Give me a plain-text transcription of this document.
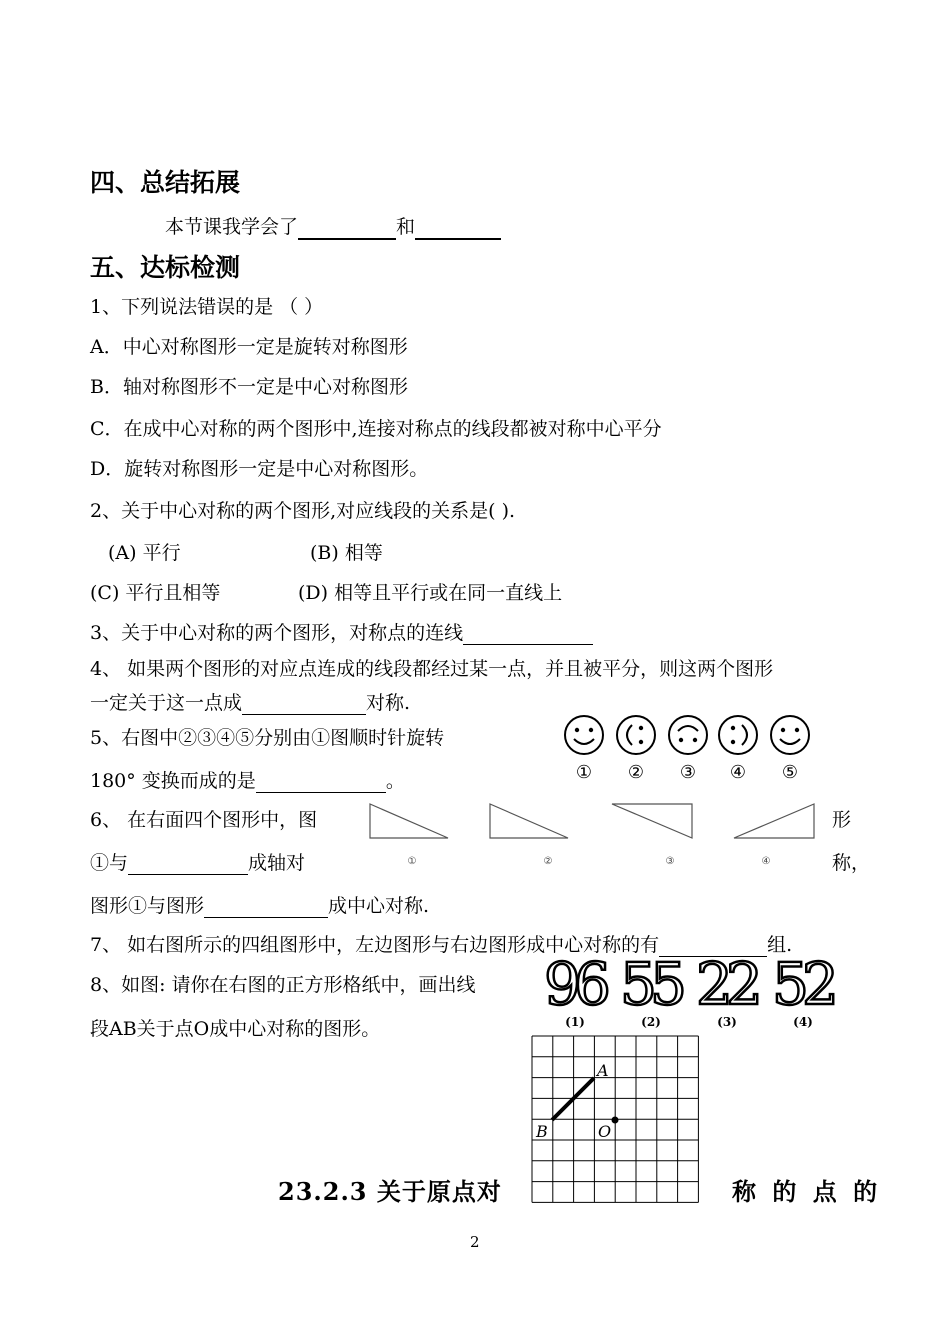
四、总结拓展
本节课我学会了	和
五、达标检测
1、下列说法错误的是 （ ）
A．中心对称图形一定是旋转对称图形
B．轴对称图形不一定是中心对称图形
C．在成中心对称的两个图形中,连接对称点的线段都被对称中心平分
D．旋转对称图形一定是中心对称图形。
2、关于中心对称的两个图形,对应线段的关系是( ).
(A) 平行	(B) 相等
(C) 平行且相等	(D) 相等且平行或在同一直线上
3、关于中心对称的两个图形，对称点的连线
4、 如果两个图形的对应点连成的线段都经过某一点，并且被平分，则这两个图形
一定关于这一点成	对称.
5、右图中②③④⑤分别由①图顺时针旋转
180° 变换而成的是	。	① ② ③ ④ ⑤
6、 在右面四个图形中，图	形
①与	成轴对	称，
图形①与图形	成中心对称.
①	②	③	④
7、 如右图所示的四组图形中，左边图形与右边图形成中心对称的有	组.
9
6 5
5 2
2 5
2
(1)	(2)	(3)	(4)
8、如图: 请你在右图的正方形格纸中，画出线
段AB关于点O成中心对称的图形。
A
B	O
23.2.3 关于原点对	称 的 点 的
2
